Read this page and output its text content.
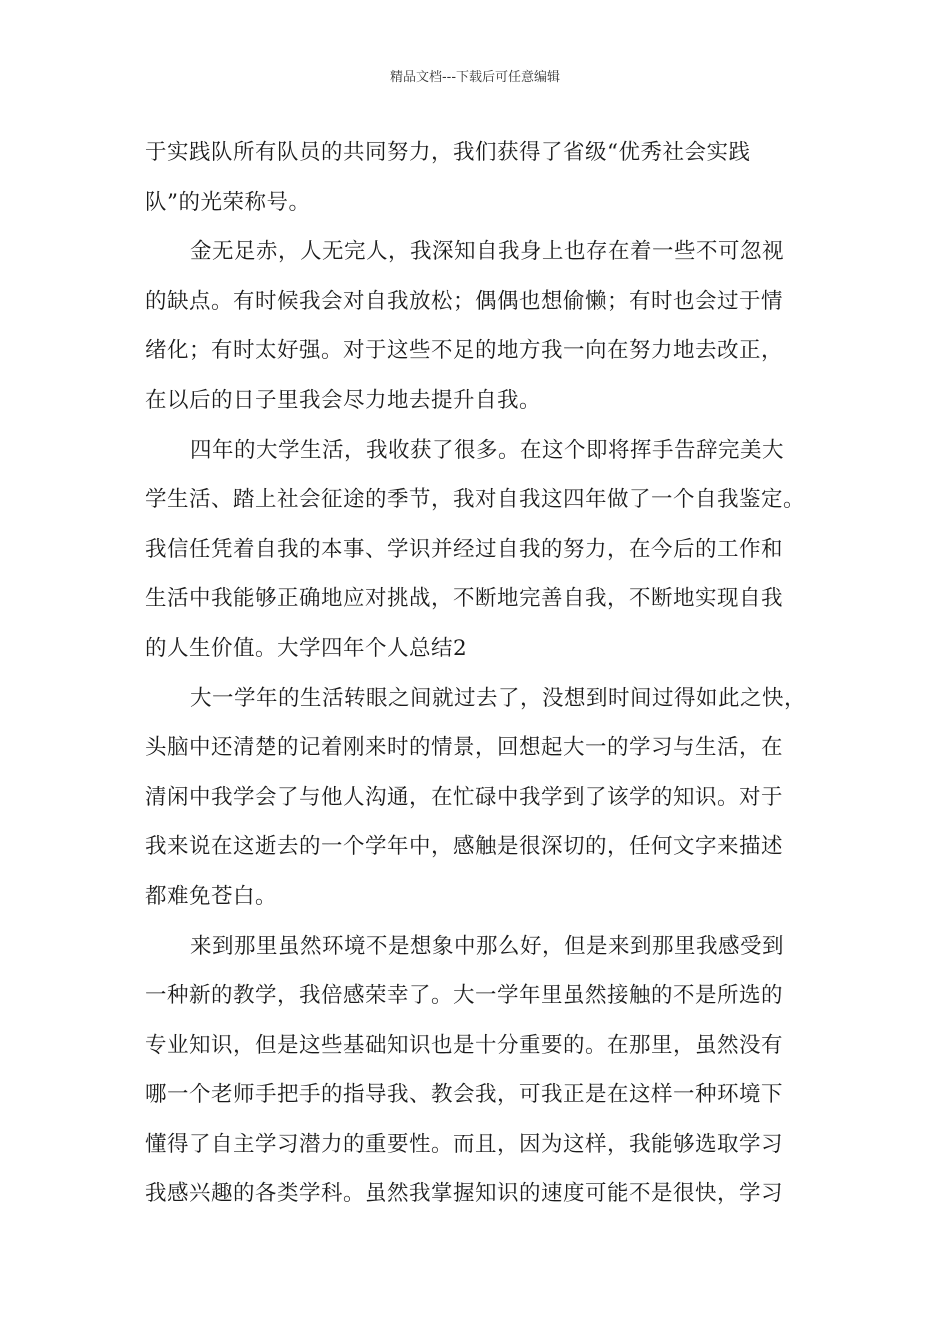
精品文档---下载后可任意编辑
于实践队所有队员的共同努力，我们获得了省级“优秀社会实践
队”的光荣称号。
金无足赤，人无完人，我深知自我身上也存在着一些不可忽视
的缺点。有时候我会对自我放松；偶偶也想偷懒；有时也会过于情
绪化；有时太好强。对于这些不足的地方我一向在努力地去改正，
在以后的日子里我会尽力地去提升自我。
四年的大学生活，我收获了很多。在这个即将挥手告辞完美大
学生活、踏上社会征途的季节，我对自我这四年做了一个自我鉴定。
我信任凭着自我的本事、学识并经过自我的努力，在今后的工作和
生活中我能够正确地应对挑战，不断地完善自我，不断地实现自我
的人生价值。大学四年个人总结2
大一学年的生活转眼之间就过去了，没想到时间过得如此之快，
头脑中还清楚的记着刚来时的情景，回想起大一的学习与生活，在
清闲中我学会了与他人沟通，在忙碌中我学到了该学的知识。对于
我来说在这逝去的一个学年中，感触是很深切的，任何文字来描述
都难免苍白。
来到那里虽然环境不是想象中那么好，但是来到那里我感受到
一种新的教学，我倍感荣幸了。大一学年里虽然接触的不是所选的
专业知识，但是这些基础知识也是十分重要的。在那里，虽然没有
哪一个老师手把手的指导我、教会我，可我正是在这样一种环境下
懂得了自主学习潜力的重要性。而且，因为这样，我能够选取学习
我感兴趣的各类学科。虽然我掌握知识的速度可能不是很快，学习
